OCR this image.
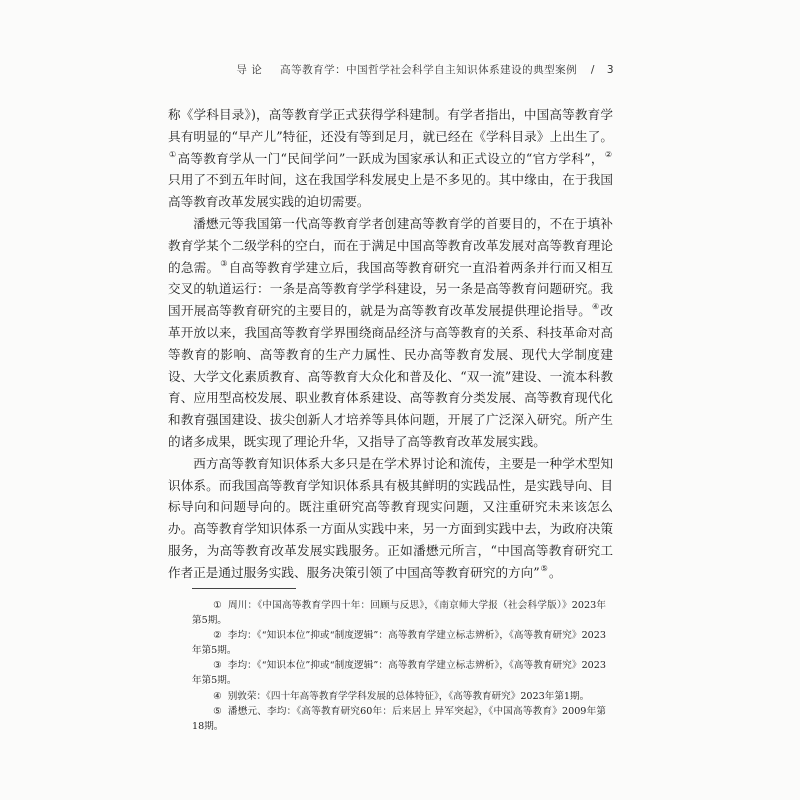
导 论 高等教育学：中国哲学社会科学自主知识体系建设的典型案例 / 3

称《学科目录》)，高等教育学正式获得学科建制。有学者指出，中国高等教育学具有明显的“早产儿”特征，还没有等到足月，就已经在《学科目录》上出生了。①高等教育学从一门“民间学问”一跃成为国家承认和正式设立的“官方学科”，②只用了不到五年时间，这在我国学科发展史上是不多见的。其中缘由，在于我国高等教育改革发展实践的迫切需要。

潘懋元等我国第一代高等教育学者创建高等教育学的首要目的，不在于填补教育学某个二级学科的空白，而在于满足中国高等教育改革发展对高等教育理论的急需。③自高等教育学建立后，我国高等教育研究一直沿着两条并行而又相互交叉的轨道运行：一条是高等教育学学科建设，另一条是高等教育问题研究。我国开展高等教育研究的主要目的，就是为高等教育改革发展提供理论指导。④改革开放以来，我国高等教育学界围绕商品经济与高等教育的关系、科技革命对高等教育的影响、高等教育的生产力属性、民办高等教育发展、现代大学制度建设、大学文化素质教育、高等教育大众化和普及化、“双一流”建设、一流本科教育、应用型高校发展、职业教育体系建设、高等教育分类发展、高等教育现代化和教育强国建设、拔尖创新人才培养等具体问题，开展了广泛深入研究。所产生的诸多成果，既实现了理论升华，又指导了高等教育改革发展实践。

西方高等教育知识体系大多只是在学术界讨论和流传，主要是一种学术型知识体系。而我国高等教育学知识体系具有极其鲜明的实践品性，是实践导向、目标导向和问题导向的。既注重研究高等教育现实问题，又注重研究未来该怎么办。高等教育学知识体系一方面从实践中来，另一方面到实践中去，为政府决策服务，为高等教育改革发展实践服务。正如潘懋元所言，“中国高等教育研究工作者正是通过服务实践、服务决策引领了中国高等教育研究的方向”⑤。

① 周川：《中国高等教育学四十年：回顾与反思》，《南京师大学报（社会科学版）》2023年第5期。
② 李均：《“知识本位”抑或“制度逻辑”：高等教育学建立标志辨析》，《高等教育研究》2023年第5期。
③ 李均：《“知识本位”抑或“制度逻辑”：高等教育学建立标志辨析》，《高等教育研究》2023年第5期。
④ 别敦荣：《四十年高等教育学学科发展的总体特征》，《高等教育研究》2023年第1期。
⑤ 潘懋元、李均：《高等教育研究60年：后来居上 异军突起》，《中国高等教育》2009年第18期。
